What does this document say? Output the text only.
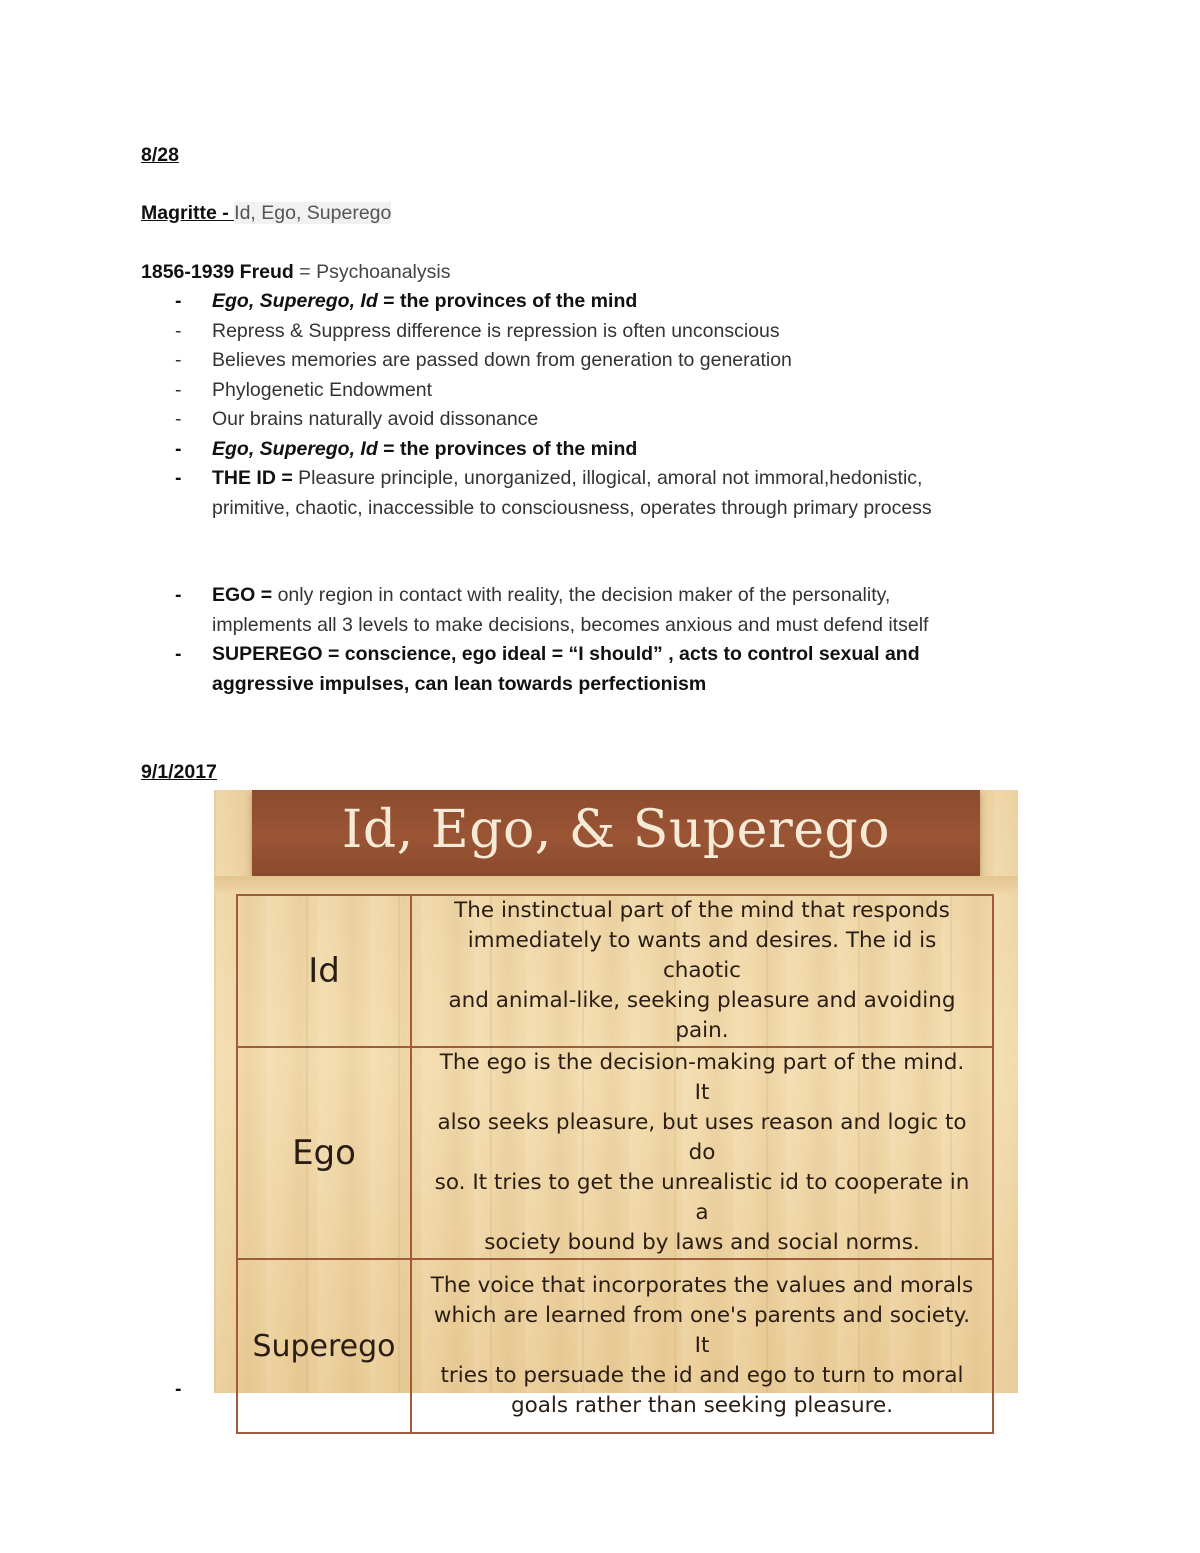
8/28
Magritte - Id, Ego, Superego
1856-1939 Freud = Psychoanalysis
-	Ego, Superego, Id = the provinces of the mind
-	Repress & Suppress difference is repression is often unconscious
-	Believes memories are passed down from generation to generation
-	Phylogenetic Endowment
-	Our brains naturally avoid dissonance
-	Ego, Superego, Id = the provinces of the mind
-	THE ID = Pleasure principle, unorganized, illogical, amoral not immoral,hedonistic,
primitive, chaotic, inaccessible to consciousness, operates through primary process
-	EGO = only region in contact with reality, the decision maker of the personality,
implements all 3 levels to make decisions, becomes anxious and must defend itself
-	SUPEREGO = conscience, ego ideal = “I should” , acts to control sexual and
aggressive impulses, can lean towards perfectionism
9/1/2017
Id, Ego, & Superego
Id	The instinctual part of the mind that responds
immediately to wants and desires. The id is chaotic
and animal-like, seeking pleasure and avoiding pain.

Ego	The ego is the decision-making part of the mind. It
also seeks pleasure, but uses reason and logic to do
so. It tries to get the unrealistic id to cooperate in a
society bound by laws and social norms.

Superego	The voice that incorporates the values and morals
which are learned from one's parents and society. It
tries to persuade the id and ego to turn to moral
goals rather than seeking pleasure.
-
